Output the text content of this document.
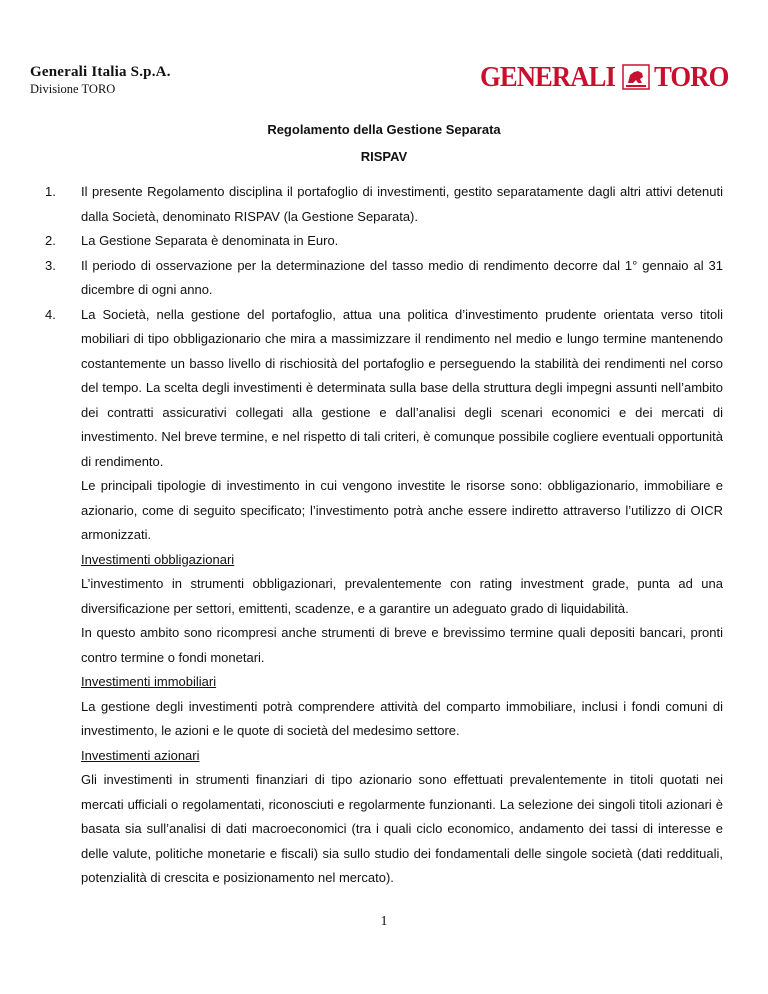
Generali Italia S.p.A.
Divisione TORO	GENERALI TORO
Regolamento della Gestione Separata
RISPAV
1.	Il presente Regolamento disciplina il portafoglio di investimenti, gestito separatamente dagli altri attivi detenuti dalla Società, denominato RISPAV (la Gestione Separata).

2.	La Gestione Separata è denominata in Euro.

3.	Il periodo di osservazione per la determinazione del tasso medio di rendimento decorre dal 1° gennaio al 31 dicembre di ogni anno.

4.	La Società, nella gestione del portafoglio, attua una politica d’investimento prudente orientata verso titoli mobiliari di tipo obbligazionario che mira a massimizzare il rendimento nel medio e lungo termine mantenendo costantemente un basso livello di rischiosità del portafoglio e perseguendo la stabilità dei rendimenti nel corso del tempo. La scelta degli investimenti è determinata sulla base della struttura degli impegni assunti nell’ambito dei contratti assicurativi collegati alla gestione e dall’analisi degli scenari economici e dei mercati di investimento. Nel breve termine, e nel rispetto di tali criteri, è comunque possibile cogliere eventuali opportunità di rendimento.

Le principali tipologie di investimento in cui vengono investite le risorse sono: obbligazionario, immobiliare e azionario, come di seguito specificato; l’investimento potrà anche essere indiretto attraverso l’utilizzo di OICR armonizzati.

Investimenti obbligazionari

L’investimento in strumenti obbligazionari, prevalentemente con rating investment grade, punta ad una diversificazione per settori, emittenti, scadenze, e a garantire un adeguato grado di liquidabilità.

In questo ambito sono ricompresi anche strumenti di breve e brevissimo termine quali depositi bancari, pronti contro termine o fondi monetari.

Investimenti immobiliari

La gestione degli investimenti potrà comprendere attività del comparto immobiliare, inclusi i fondi comuni di investimento, le azioni e le quote di società del medesimo settore.

Investimenti azionari

Gli investimenti in strumenti finanziari di tipo azionario sono effettuati prevalentemente in titoli quotati nei mercati ufficiali o regolamentati, riconosciuti e regolarmente funzionanti. La selezione dei singoli titoli azionari è basata sia sull’analisi di dati macroeconomici (tra i quali ciclo economico, andamento dei tassi di interesse e delle valute, politiche monetarie e fiscali) sia sullo studio dei fondamentali delle singole società (dati reddituali, potenzialità di crescita e posizionamento nel mercato).

1
